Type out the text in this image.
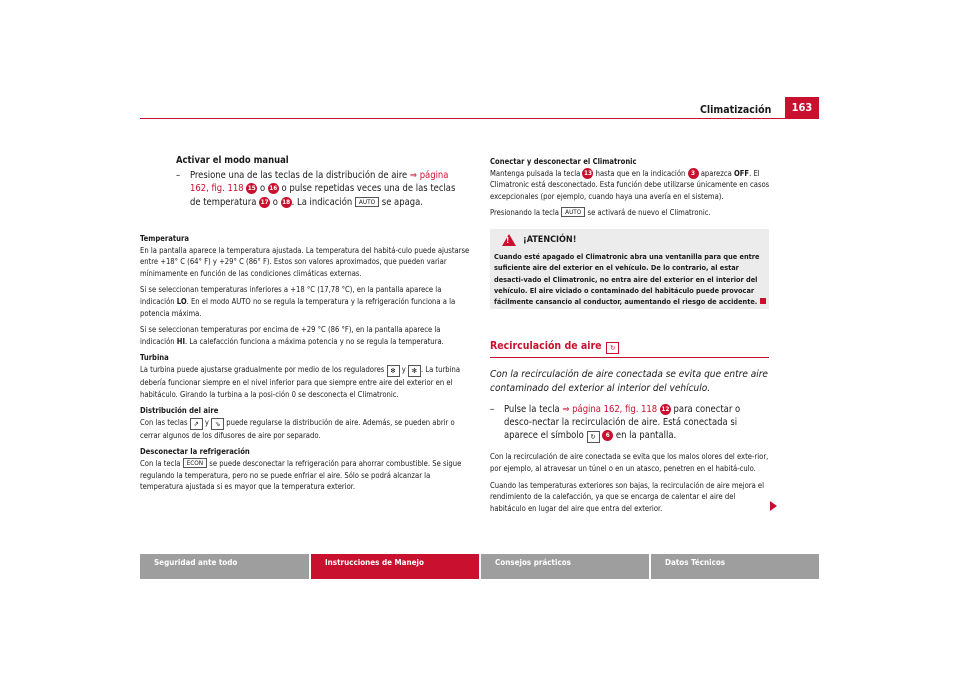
Climatización	163

Activar el modo manual

– Presione una de las teclas de la distribución de aire ⇒ página 162, fig. 118 15 o 16 o pulse repetidas veces una de las teclas de temperatura 17 o 18 . La indicación AUTO se apaga.

Temperatura

En la pantalla aparece la temperatura ajustada. La temperatura del habitá-culo puede ajustarse entre +18° C (64° F) y +29° C (86° F). Estos son valores aproximados, que pueden variar mínimamente en función de las condiciones climáticas externas.

Si se seleccionan temperaturas inferiores a +18 °C (17,78 °C), en la pantalla aparece la indicación LO. En el modo AUTO no se regula la temperatura y la refrigeración funciona a la potencia máxima.

Si se seleccionan temperaturas por encima de +29 °C (86 °F), en la pantalla aparece la indicación HI. La calefacción funciona a máxima potencia y no se regula la temperatura.

Turbina

La turbina puede ajustarse gradualmente por medio de los reguladores ✻ y ✻ . La turbina debería funcionar siempre en el nivel inferior para que siempre entre aire del exterior en el habitáculo. Girando la turbina a la posi-ción 0 se desconecta el Climatronic.

Distribución del aire

Con las teclas ⇗ y ⇘ puede regularse la distribución de aire. Además, se pueden abrir o cerrar algunos de los difusores de aire por separado.

Desconectar la refrigeración

Con la tecla ECON se puede desconectar la refrigeración para ahorrar combustible. Se sigue regulando la temperatura, pero no se puede enfriar el aire. Sólo se podrá alcanzar la temperatura ajustada si es mayor que la temperatura exterior.

Conectar y desconectar el Climatronic

Mantenga pulsada la tecla 13 hasta que en la indicación 3 aparezca OFF. El Climatronic está desconectado. Esta función debe utilizarse únicamente en casos excepcionales (por ejemplo, cuando haya una avería en el sistema).

Presionando la tecla AUTO se activará de nuevo el Climatronic.

! ¡ATENCIÓN!
Cuando esté apagado el Climatronic abra una ventanilla para que entre suficiente aire del exterior en el vehículo. De lo contrario, al estar desacti-vado el Climatronic, no entra aire del exterior en el interior del vehículo. El aire viciado o contaminado del habitáculo puede provocar fácilmente cansancio al conductor, aumentando el riesgo de accidente.
Recirculación de aire ↻

Con la recirculación de aire conectada se evita que entre aire contaminado del exterior al interior del vehículo.

– Pulse la tecla ⇒ página 162, fig. 118 12 para conectar o desco-nectar la recirculación de aire. Está conectada si aparece el símbolo ↻ 6 en la pantalla.

Con la recirculación de aire conectada se evita que los malos olores del exte-rior, por ejemplo, al atravesar un túnel o en un atasco, penetren en el habitá-culo.

Cuando las temperaturas exteriores son bajas, la recirculación de aire mejora el rendimiento de la calefacción, ya que se encarga de calentar el aire del habitáculo en lugar del aire que entra del exterior.

Seguridad ante todo	Instrucciones de Manejo	Consejos prácticos	Datos Técnicos
